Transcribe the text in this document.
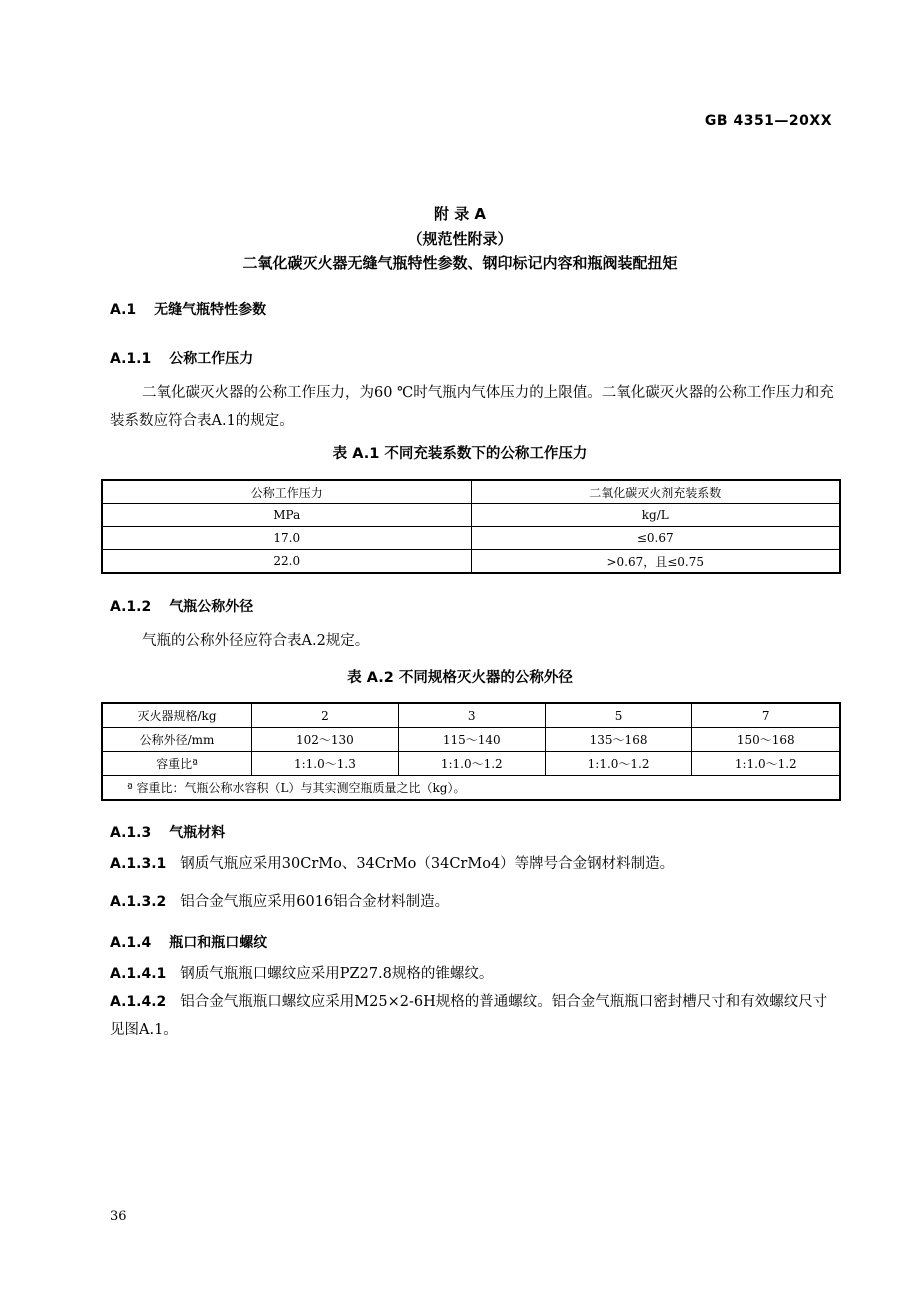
GB 4351—20XX
附 录 A
（规范性附录）
二氧化碳灭火器无缝气瓶特性参数、钢印标记内容和瓶阀装配扭矩
A.1 无缝气瓶特性参数
A.1.1 公称工作压力
二氧化碳灭火器的公称工作压力，为60 ℃时气瓶内气体压力的上限值。二氧化碳灭火器的公称工作压力和充装系数应符合表A.1的规定。
表 A.1 不同充装系数下的公称工作压力
公称工作压力	二氧化碳灭火剂充装系数
MPa	kg/L
17.0	≤0.67
22.0	>0.67，且≤0.75
A.1.2 气瓶公称外径
气瓶的公称外径应符合表A.2规定。
表 A.2 不同规格灭火器的公称外径
灭火器规格/kg	2	3	5	7
公称外径/mm	102～130	115～140	135～168	150～168
容重比ª	1:1.0～1.3	1:1.0～1.2	1:1.0～1.2	1:1.0～1.2
ª 容重比：气瓶公称水容积（L）与其实测空瓶质量之比（kg）。				
A.1.3 气瓶材料
A.1.3.1 钢质气瓶应采用30CrMo、34CrMo（34CrMo4）等牌号合金钢材料制造。
A.1.3.2 铝合金气瓶应采用6016铝合金材料制造。
A.1.4 瓶口和瓶口螺纹
A.1.4.1 钢质气瓶瓶口螺纹应采用PZ27.8规格的锥螺纹。
A.1.4.2 铝合金气瓶瓶口螺纹应采用M25×2-6H规格的普通螺纹。铝合金气瓶瓶口密封槽尺寸和有效螺纹尺寸见图A.1。
36
